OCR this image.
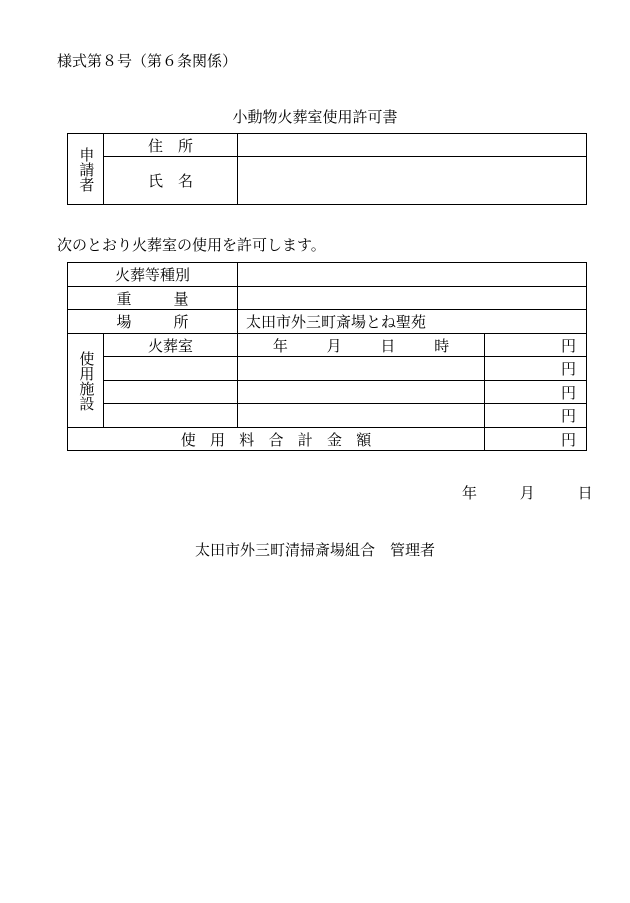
様式第８号（第６条関係）
小動物火葬室使用許可書
申請者	住　所	
	氏　名	
次のとおり火葬室の使用を許可します。
火葬等種別			
重　量			
場　所		太田市外三町斎場とね聖苑	

使用施設	火葬室	年 月 日 時	円
			円
			円
			円
使用料合計金額			円
年	月	日
太田市外三町清掃斎場組合　管理者
